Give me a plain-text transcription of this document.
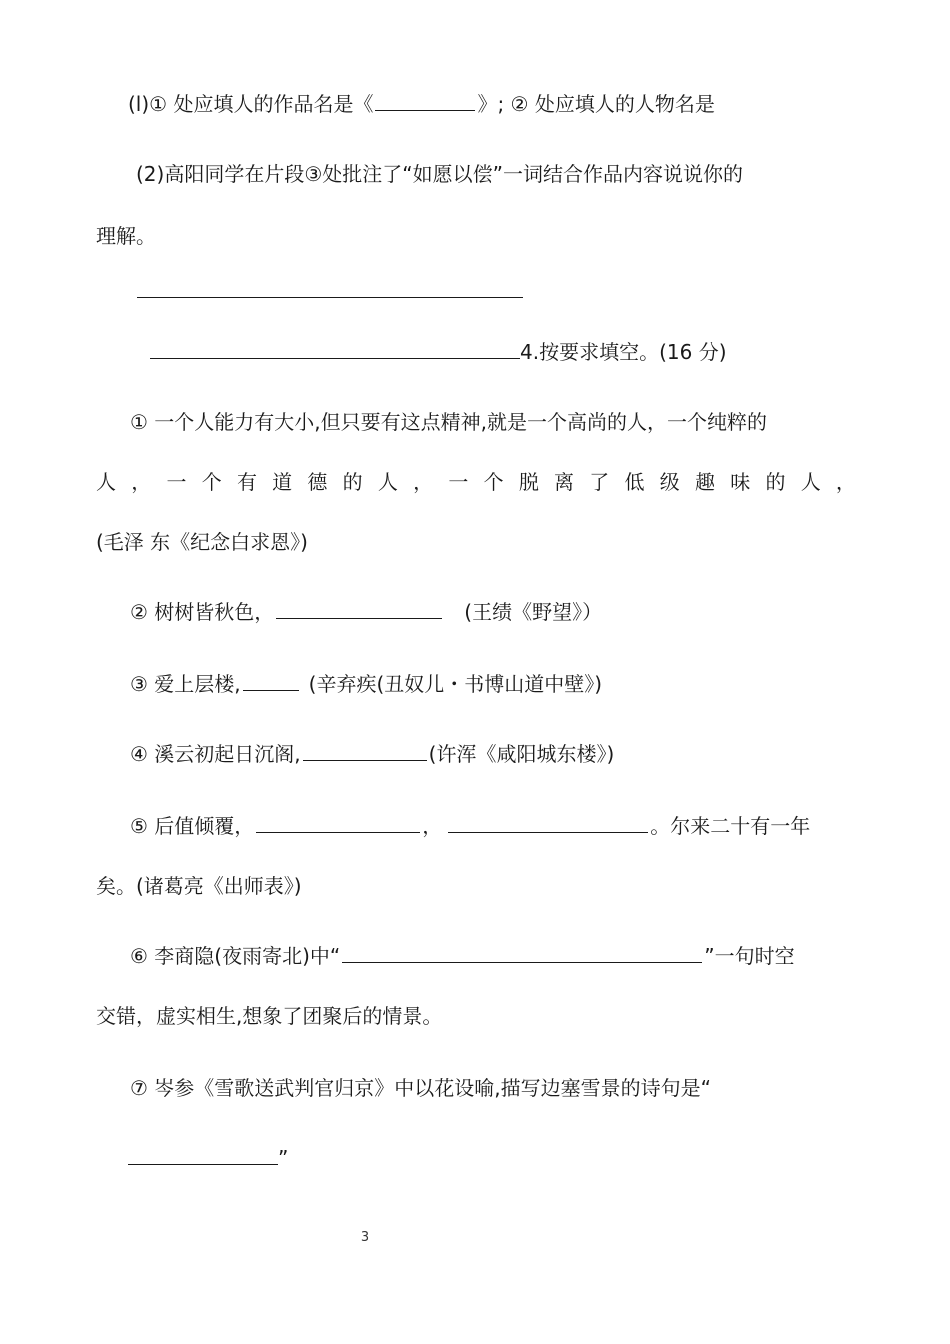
(l)① 处应填人的作品名是《	》; ② 处应填人的人物名是
(2)高阳同学在片段③处批注了“如愿以偿”一词结合作品内容说说你的
理解。
4.按要求填空。(16 分)
① 一个人能力有大小,但只要有这点精神,就是一个高尚的人，一个纯粹的
人 ， 一 个 有 道 德 的 人 ， 一 个 脱 离 了 低 级 趣 味 的 人 ，
(毛泽 东《纪念白求恩》)
② 树树皆秋色，	(王绩《野望》）
③ 爱上层楼,	(辛弃疾(丑奴儿・书博山道中壁》)
④ 溪云初起日沉阁,	(许浑《咸阳城东楼》)
⑤ 后值倾覆，	，	。尔来二十有一年
矣。(诸葛亮《出师表》)
⑥ 李商隐(夜雨寄北)中“	”一句时空
交错，虚实相生,想象了团聚后的情景。
⑦ 岑参《雪歌送武判官归京》中以花设喻,描写边塞雪景的诗句是“
”
3
